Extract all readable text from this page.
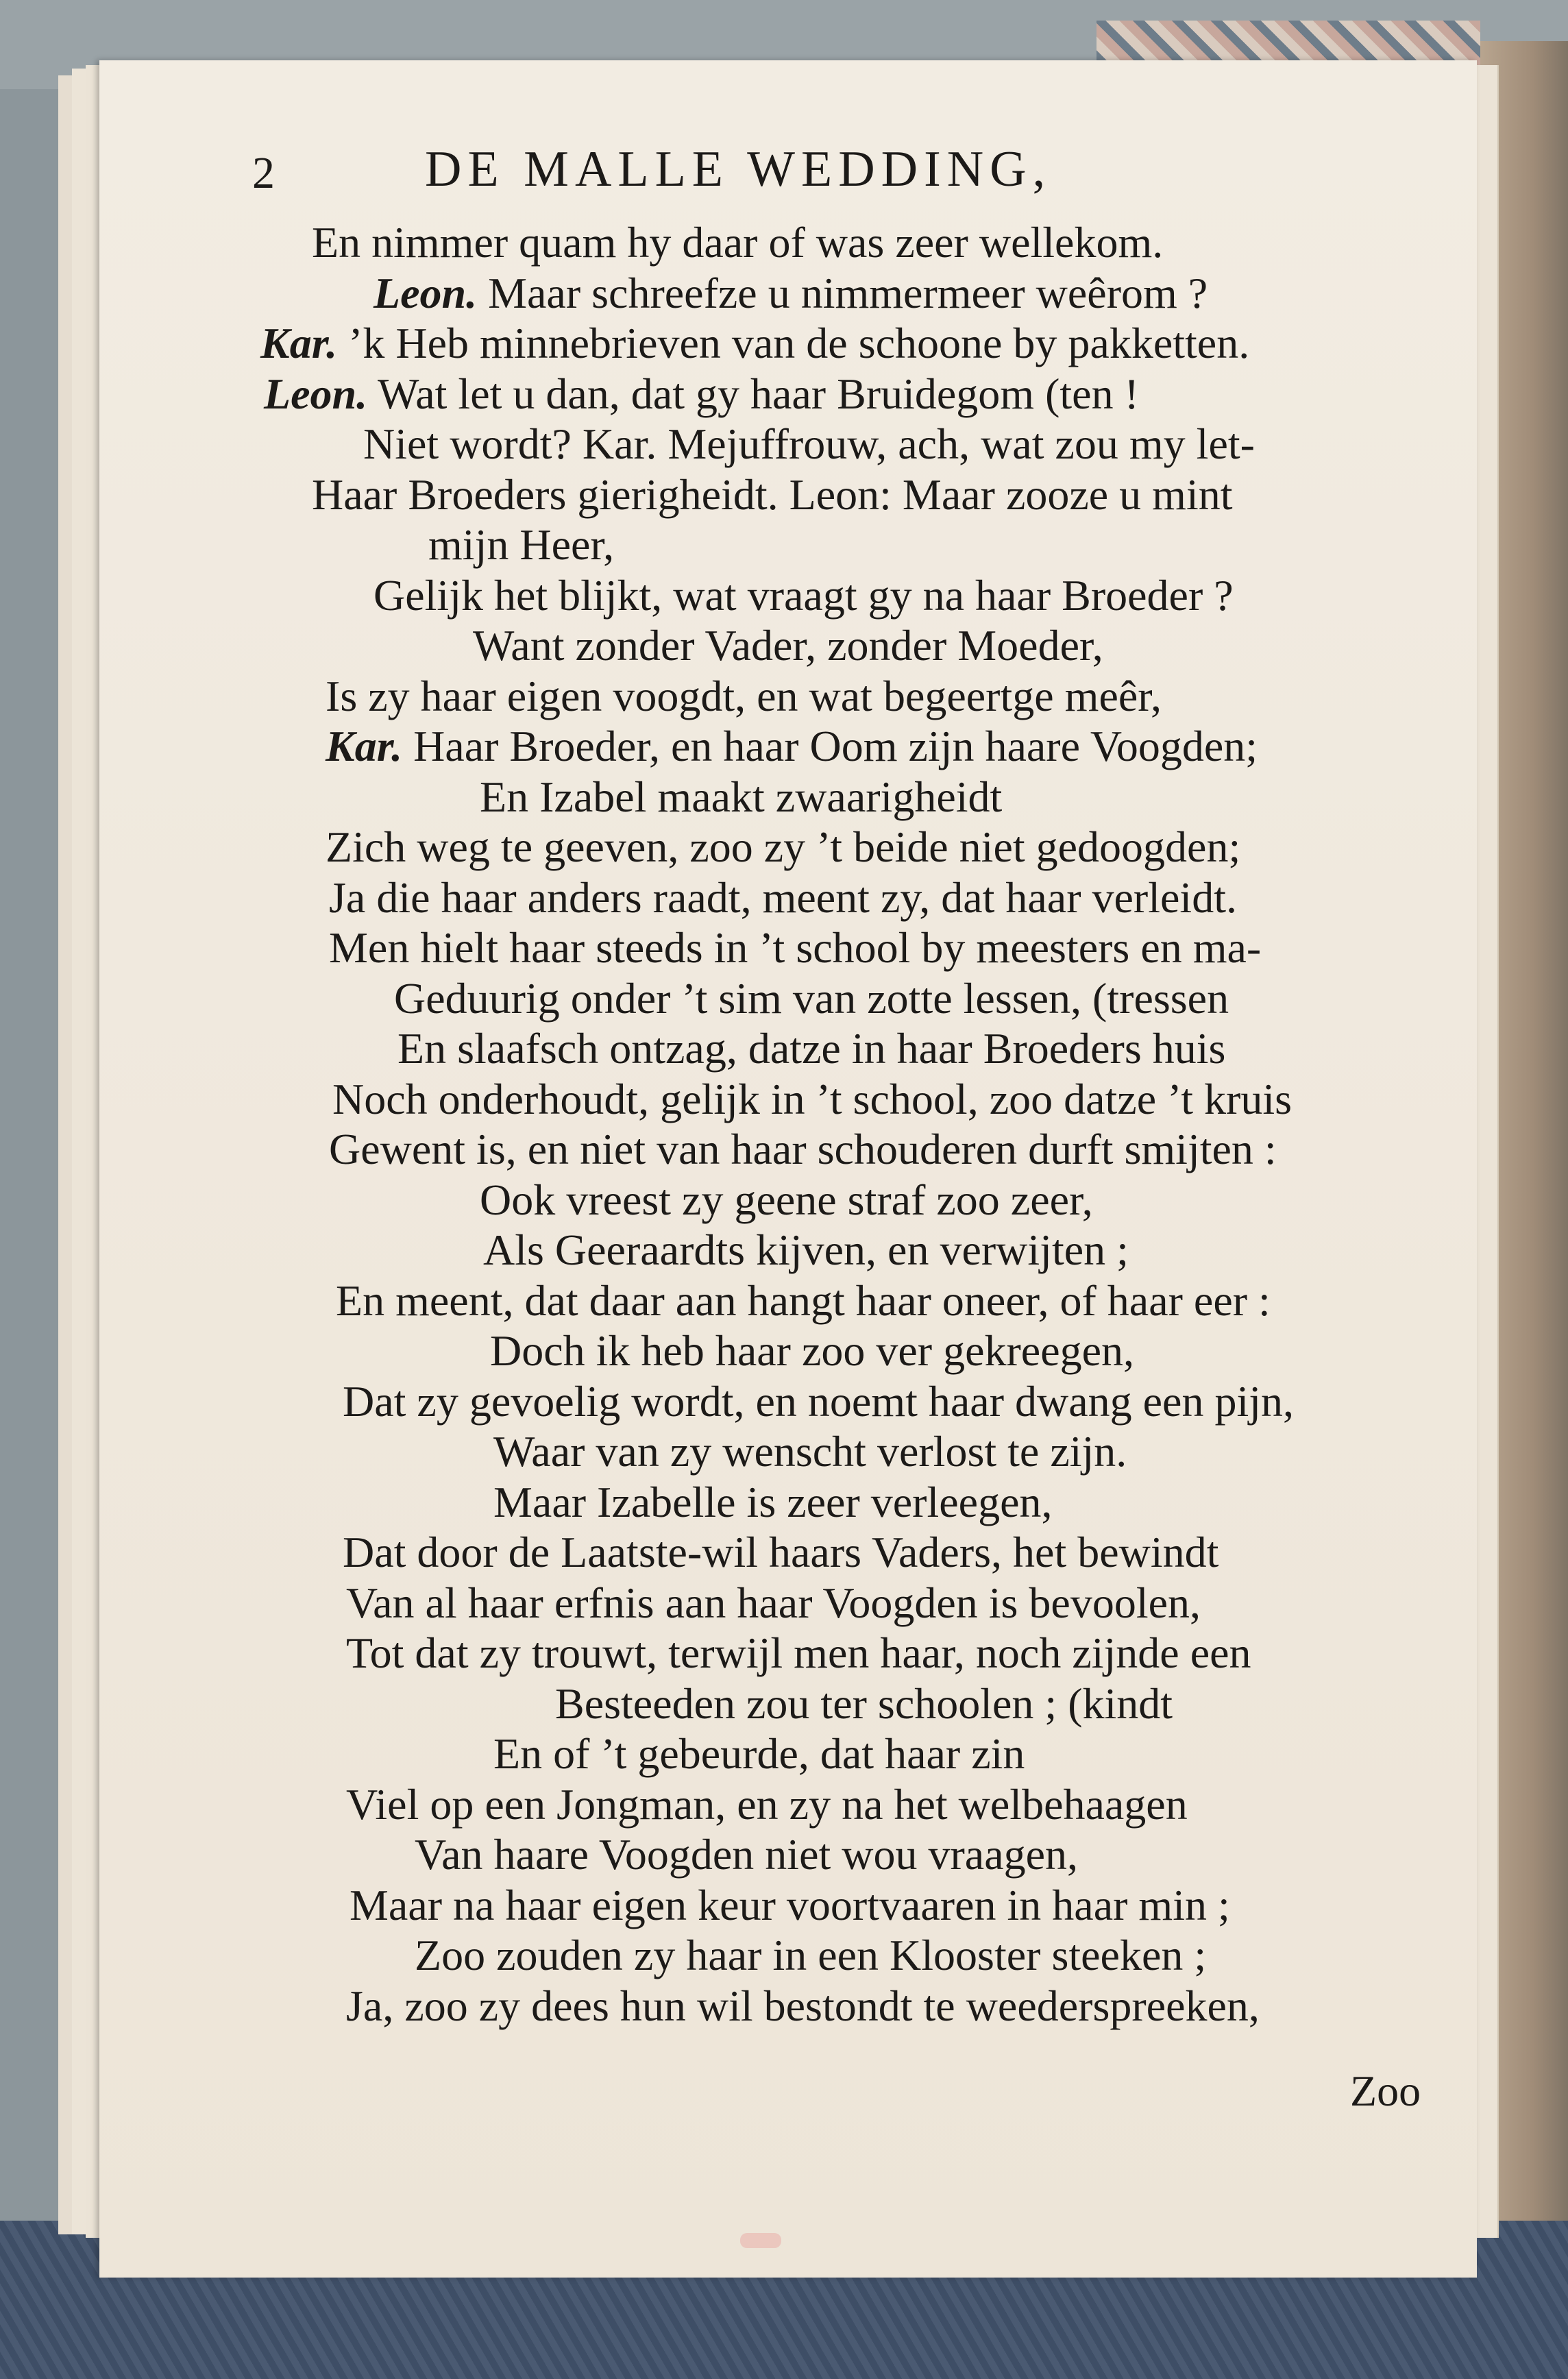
2	DE MALLE WEDDING,
En nimmer quam hy daar of was zeer wellekom.
Leon. Maar schreefze u nimmermeer weêrom ?
Kar. ’k Heb minnebrieven van de schoone by pakketten.
Leon. Wat let u dan, dat gy haar Bruidegom (ten !
Niet wordt? Kar. Mejuffrouw, ach, wat zou my let-
Haar Broeders gierigheidt. Leon: Maar zooze u mint
mijn Heer,
Gelijk het blijkt, wat vraagt gy na haar Broeder ?
Want zonder Vader, zonder Moeder,
Is zy haar eigen voogdt, en wat begeertge meêr,
Kar. Haar Broeder, en haar Oom zijn haare Voogden;
En Izabel maakt zwaarigheidt
Zich weg te geeven, zoo zy ’t beide niet gedoogden;
Ja die haar anders raadt, meent zy, dat haar verleidt.
Men hielt haar steeds in ’t school by meesters en ma-
Geduurig onder ’t sim van zotte lessen, (tressen
En slaafsch ontzag, datze in haar Broeders huis
Noch onderhoudt, gelijk in ’t school, zoo datze ’t kruis
Gewent is, en niet van haar schouderen durft smijten :
Ook vreest zy geene straf zoo zeer,
Als Geeraardts kijven, en verwijten ;
En meent, dat daar aan hangt haar oneer, of haar eer :
Doch ik heb haar zoo ver gekreegen,
Dat zy gevoelig wordt, en noemt haar dwang een pijn,
Waar van zy wenscht verlost te zijn.
Maar Izabelle is zeer verleegen,
Dat door de Laatste-wil haars Vaders, het bewindt
Van al haar erfnis aan haar Voogden is bevoolen,
Tot dat zy trouwt, terwijl men haar, noch zijnde een
Besteeden zou ter schoolen ; (kindt
En of ’t gebeurde, dat haar zin
Viel op een Jongman, en zy na het welbehaagen
Van haare Voogden niet wou vraagen,
Maar na haar eigen keur voortvaaren in haar min ;
Zoo zouden zy haar in een Klooster steeken ;
Ja, zoo zy dees hun wil bestondt te weederspreeken,
Zoo
